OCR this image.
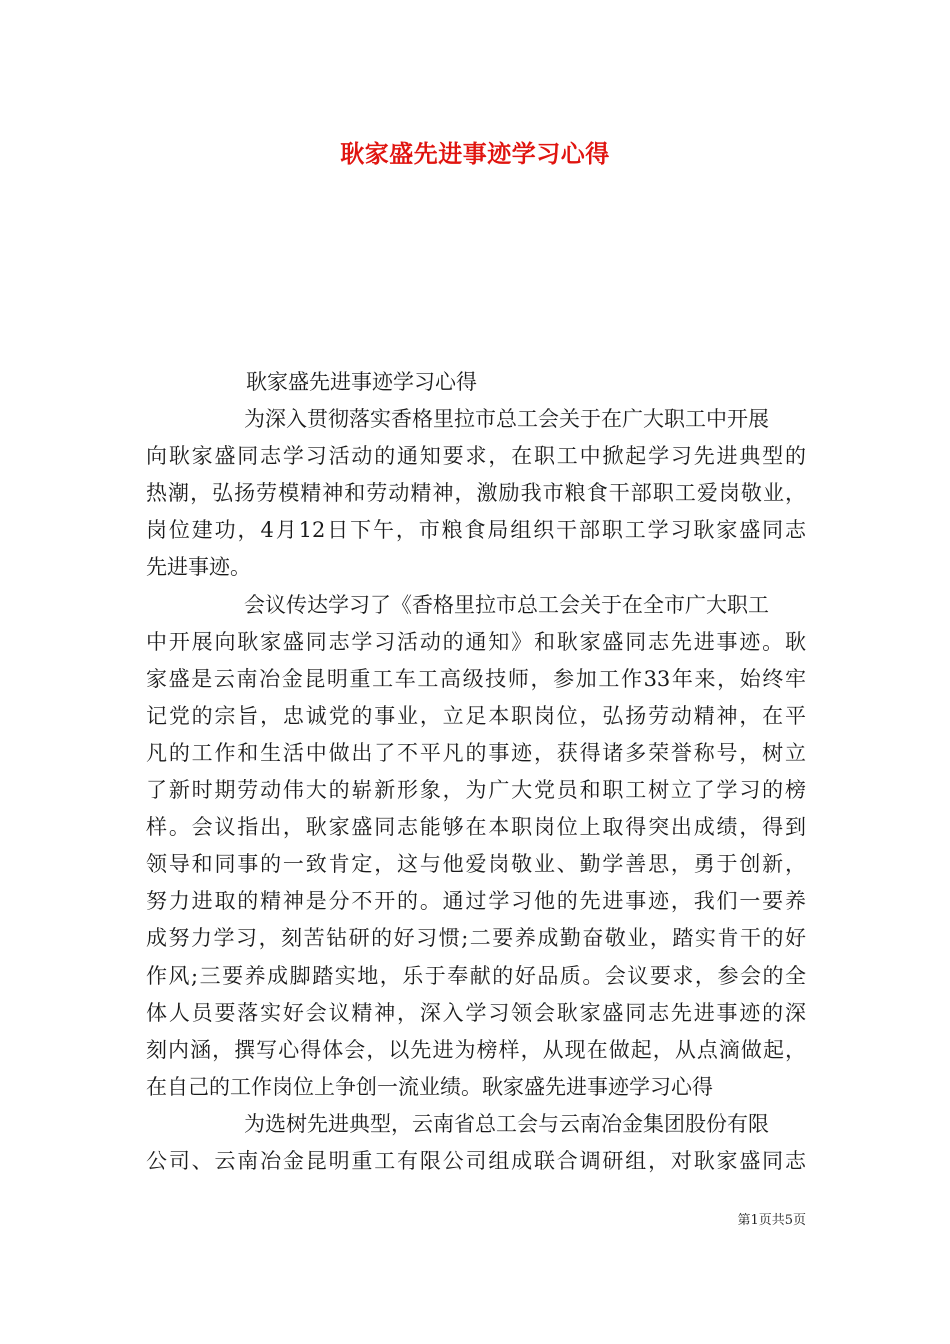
耿家盛先进事迹学习心得
耿家盛先进事迹学习心得
为深入贯彻落实香格里拉市总工会关于在广大职工中开展
向耿家盛同志学习活动的通知要求，在职工中掀起学习先进典型的
热潮，弘扬劳模精神和劳动精神，激励我市粮食干部职工爱岗敬业，
岗位建功，4月12日下午，市粮食局组织干部职工学习耿家盛同志
先进事迹。
会议传达学习了《香格里拉市总工会关于在全市广大职工
中开展向耿家盛同志学习活动的通知》和耿家盛同志先进事迹。耿
家盛是云南冶金昆明重工车工高级技师，参加工作33年来，始终牢
记党的宗旨，忠诚党的事业，立足本职岗位，弘扬劳动精神，在平
凡的工作和生活中做出了不平凡的事迹，获得诸多荣誉称号，树立
了新时期劳动伟大的崭新形象，为广大党员和职工树立了学习的榜
样。会议指出，耿家盛同志能够在本职岗位上取得突出成绩，得到
领导和同事的一致肯定，这与他爱岗敬业、勤学善思，勇于创新，
努力进取的精神是分不开的。通过学习他的先进事迹，我们一要养
成努力学习，刻苦钻研的好习惯;二要养成勤奋敬业，踏实肯干的好
作风;三要养成脚踏实地，乐于奉献的好品质。会议要求，参会的全
体人员要落实好会议精神，深入学习领会耿家盛同志先进事迹的深
刻内涵，撰写心得体会，以先进为榜样，从现在做起，从点滴做起，
在自己的工作岗位上争创一流业绩。耿家盛先进事迹学习心得
为选树先进典型，云南省总工会与云南冶金集团股份有限
公司、云南冶金昆明重工有限公司组成联合调研组，对耿家盛同志
第1页共5页
